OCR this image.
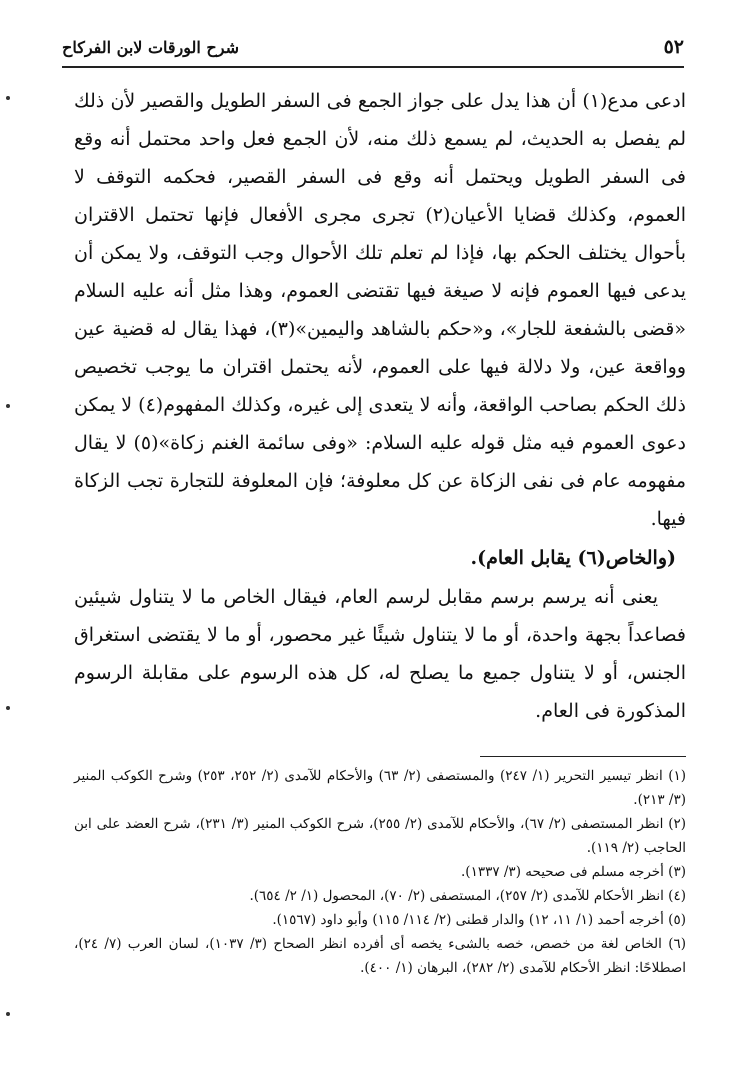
٥٢
شرح الورقات لابن الفركاح

ادعى مدع(١) أن هذا يدل على جواز الجمع فى السفر الطويل والقصير لأن ذلك لم يفصل به الحديث، لم يسمع ذلك منه، لأن الجمع فعل واحد محتمل أنه وقع فى السفر الطويل ويحتمل أنه وقع فى السفر القصير، فحكمه التوقف لا العموم، وكذلك قضايا الأعيان(٢) تجرى مجرى الأفعال فإنها تحتمل الاقتران بأحوال يختلف الحكم بها، فإذا لم تعلم تلك الأحوال وجب التوقف، ولا يمكن أن يدعى فيها العموم فإنه لا صيغة فيها تقتضى العموم، وهذا مثل أنه عليه السلام «قضى بالشفعة للجار»، و«حكم بالشاهد واليمين»(٣)، فهذا يقال له قضية عين وواقعة عين، ولا دلالة فيها على العموم، لأنه يحتمل اقتران ما يوجب تخصيص ذلك الحكم بصاحب الواقعة، وأنه لا يتعدى إلى غيره، وكذلك المفهوم(٤) لا يمكن دعوى العموم فيه مثل قوله عليه السلام: «وفى سائمة الغنم زكاة»(٥) لا يقال مفهومه عام فى نفى الزكاة عن كل معلوفة؛ فإن المعلوفة للتجارة تجب الزكاة فيها.

(والخاص(٦) يقابل العام).

يعنى أنه يرسم برسم مقابل لرسم العام، فيقال الخاص ما لا يتناول شيئين فصاعداً بجهة واحدة، أو ما لا يتناول شيئًا غير محصور، أو ما لا يقتضى استغراق الجنس، أو لا يتناول جميع ما يصلح له، كل هذه الرسوم على مقابلة الرسوم المذكورة فى العام.

(١) انظر تيسير التحرير (١/ ٢٤٧) والمستصفى (٢/ ٦٣) والأحكام للآمدى (٢/ ٢٥٢، ٢٥٣) وشرح الكوكب المنير (٣/ ٢١٣).
(٢) انظر المستصفى (٢/ ٦٧)، والأحكام للآمدى (٢/ ٢٥٥)، شرح الكوكب المنير (٣/ ٢٣١)، شرح العضد على ابن الحاجب (٢/ ١١٩).
(٣) أخرجه مسلم فى صحيحه (٣/ ١٣٣٧).
(٤) انظر الأحكام للآمدى (٢/ ٢٥٧)، المستصفى (٢/ ٧٠)، المحصول (١/ ٢/ ٦٥٤).
(٥) أخرجه أحمد (١/ ١١، ١٢) والدار قطنى (٢/ ١١٤/ ١١٥) وأبو داود (١٥٦٧).
(٦) الخاص لغة من خصص، خصه بالشىء يخصه أى أفرده انظر الصحاح (٣/ ١٠٣٧)، لسان العرب (٧/ ٢٤)، اصطلاحًا: انظر الأحكام للآمدى (٢/ ٢٨٢)، البرهان (١/ ٤٠٠).
